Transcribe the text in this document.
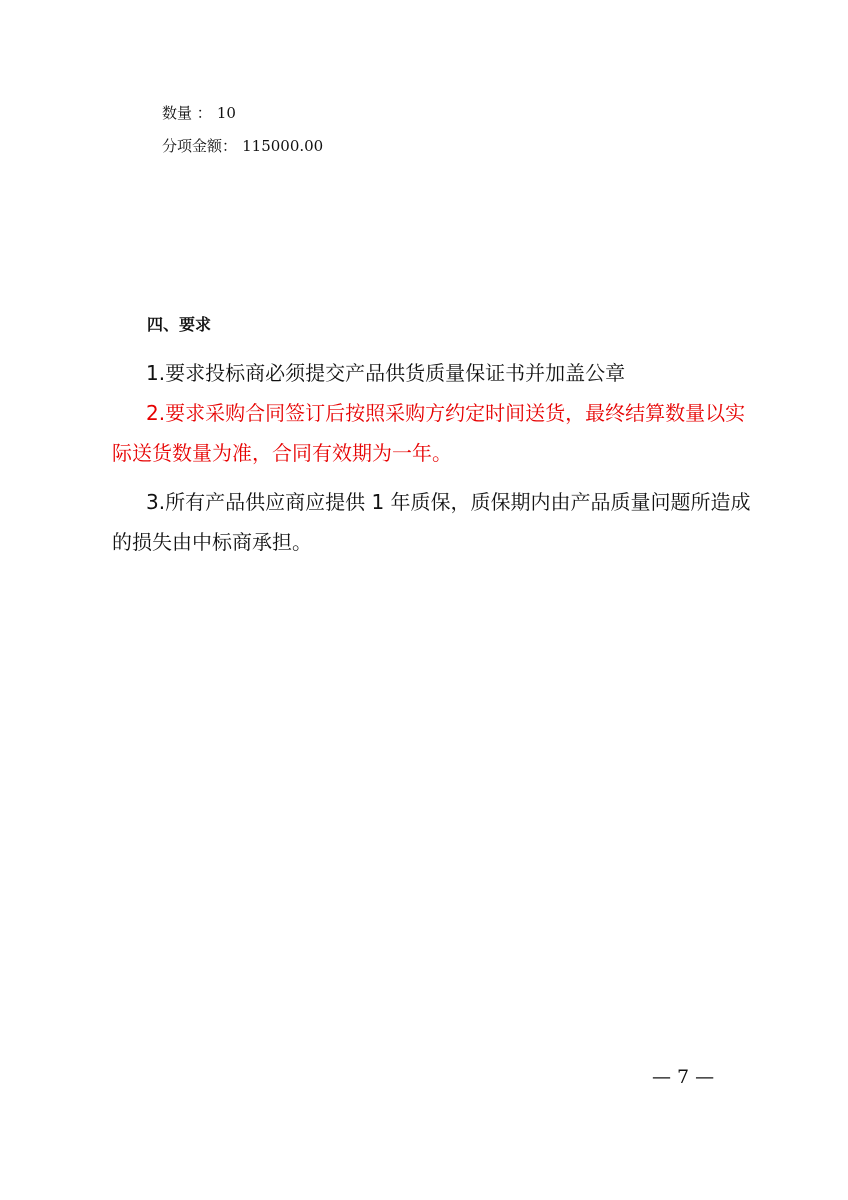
数量 ： 10
分项金额： 115000.00
四、要求
1.要求投标商必须提交产品供货质量保证书并加盖公章
2.要求采购合同签订后按照采购方约定时间送货，最终结算数量以实
际送货数量为准，合同有效期为一年。
3.所有产品供应商应提供 1 年质保，质保期内由产品质量问题所造成
的损失由中标商承担。
— 7 —
